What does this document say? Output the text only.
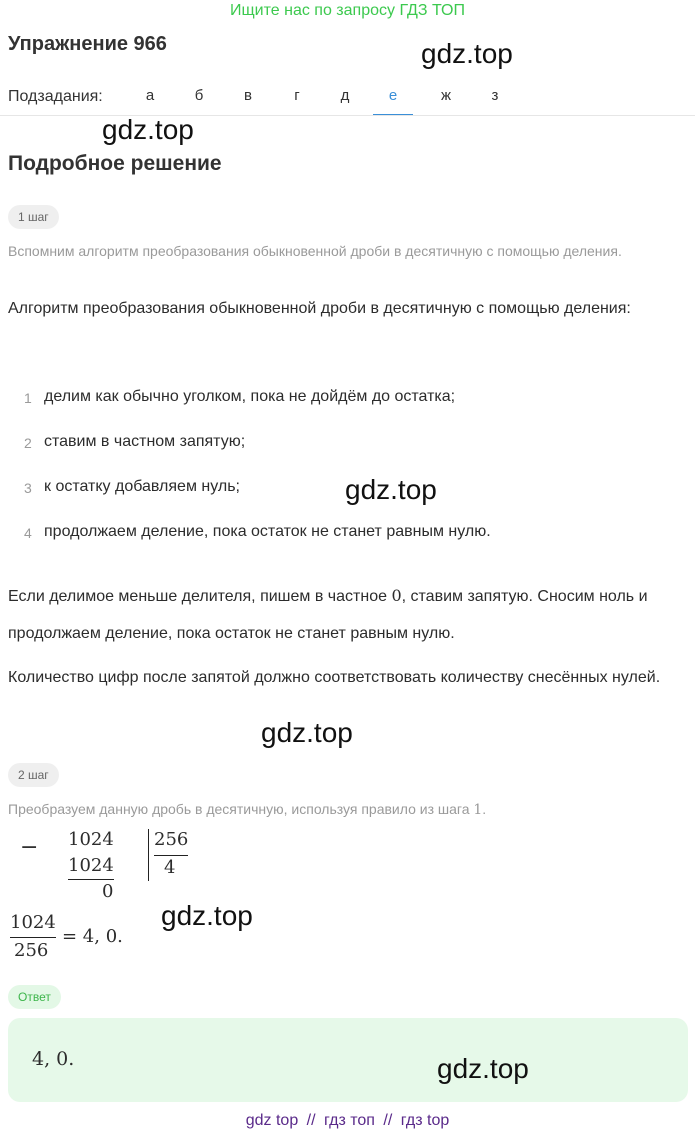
Ищите нас по запросу ГДЗ ТОП
Упражнение 966	gdz.top
Подзадания:	а	б	в	г	д	е	ж	з
gdz.top
Подробное решение
1 шаг
Вспомним алгоритм преобразования обыкновенной дроби в десятичную с помощью деления.
Алгоритм преобразования обыкновенной дроби в десятичную с помощью деления:
1 делим как обычно уголком, пока не дойдём до остатка;
2 ставим в частном запятую;
3 к остатку добавляем нуль;
4 продолжаем деление, пока остаток не станет равным нулю.
gdz.top
Если делимое меньше делителя, пишем в частное 0, ставим запятую. Сносим ноль и продолжаем деление, пока остаток не станет равным нулю.
Количество цифр после запятой должно соответствовать количеству снесённых нулей.
gdz.top
2 шаг
Преобразуем данную дробь в десятичную, используя правило из шага 1.
− 1024
1024
0
256
4
gdz.top
1024
256
= 4, 0.
Ответ
4, 0.	gdz.top
gdz top // гдз топ // гдз top
